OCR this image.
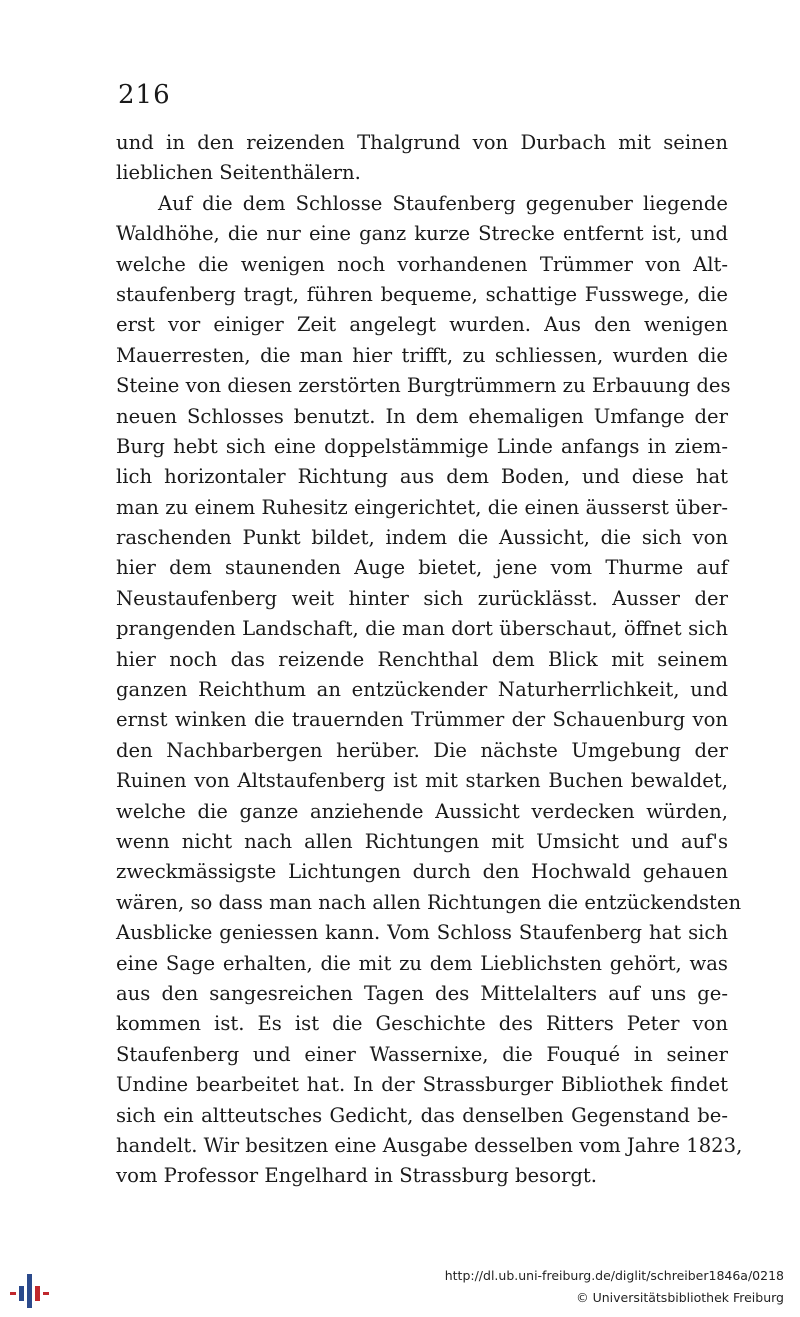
216
und in den reizenden Thalgrund von Durbach mit seinen
lieblichen Seitenthälern.
Auf die dem Schlosse Staufenberg gegenuber liegende
Waldhöhe, die nur eine ganz kurze Strecke entfernt ist, und
welche die wenigen noch vorhandenen Trümmer von Alt-
staufenberg tragt, führen bequeme, schattige Fusswege, die
erst vor einiger Zeit angelegt wurden. Aus den wenigen
Mauerresten, die man hier trifft, zu schliessen, wurden die
Steine von diesen zerstörten Burgtrümmern zu Erbauung des
neuen Schlosses benutzt. In dem ehemaligen Umfange der
Burg hebt sich eine doppelstämmige Linde anfangs in ziem-
lich horizontaler Richtung aus dem Boden, und diese hat
man zu einem Ruhesitz eingerichtet, die einen äusserst über-
raschenden Punkt bildet, indem die Aussicht, die sich von
hier dem staunenden Auge bietet, jene vom Thurme auf
Neustaufenberg weit hinter sich zurücklässt. Ausser der
prangenden Landschaft, die man dort überschaut, öffnet sich
hier noch das reizende Renchthal dem Blick mit seinem
ganzen Reichthum an entzückender Naturherrlichkeit, und
ernst winken die trauernden Trümmer der Schauenburg von
den Nachbarbergen herüber. Die nächste Umgebung der
Ruinen von Altstaufenberg ist mit starken Buchen bewaldet,
welche die ganze anziehende Aussicht verdecken würden,
wenn nicht nach allen Richtungen mit Umsicht und auf's
zweckmässigste Lichtungen durch den Hochwald gehauen
wären, so dass man nach allen Richtungen die entzückendsten
Ausblicke geniessen kann. Vom Schloss Staufenberg hat sich
eine Sage erhalten, die mit zu dem Lieblichsten gehört, was
aus den sangesreichen Tagen des Mittelalters auf uns ge-
kommen ist. Es ist die Geschichte des Ritters Peter von
Staufenberg und einer Wassernixe, die Fouqué in seiner
Undine bearbeitet hat. In der Strassburger Bibliothek findet
sich ein altteutsches Gedicht, das denselben Gegenstand be-
handelt. Wir besitzen eine Ausgabe desselben vom Jahre 1823,
vom Professor Engelhard in Strassburg besorgt.
http://dl.ub.uni-freiburg.de/diglit/schreiber1846a/0218
© Universitätsbibliothek Freiburg
